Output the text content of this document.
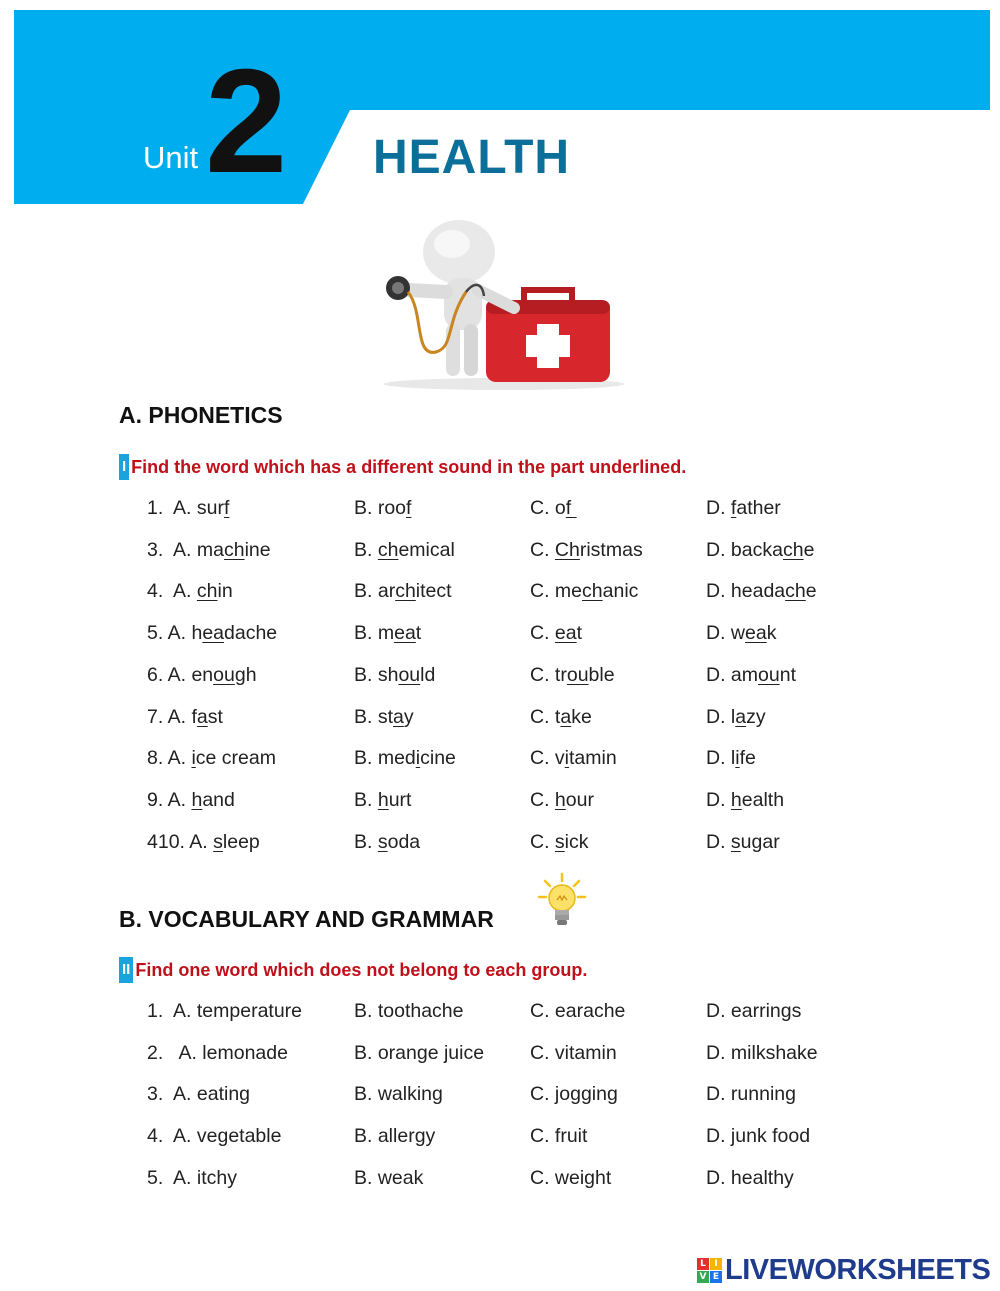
Unit 2 HEALTH
A. PHONETICS
I Find the word which has a different sound in the part underlined.
1.  A. surf	B. roof	C. of	D. father
3.  A. machine	B. chemical	C. Christmas	D. backache
4.  A. chin	B. architect	C. mechanic	D. headache
5. A. headache	B. meat	C. eat	D. weak
6. A. enough	B. should	C. trouble	D. amount
7. A. fast	B. stay	C. take	D. lazy
8. A. ice cream	B. medicine	C. vitamin	D. life
9. A. hand	B. hurt	C. hour	D. health
410. A. sleep	B. soda	C. sick	D. sugar
B. VOCABULARY AND GRAMMAR
II Find one word which does not belong to each group.
1.  A. temperature	B. toothache	C. earache	D. earrings
2.   A. lemonade	B. orange juice C. vitamin	D. milkshake
3.  A. eating	B. walking	C. jogging	D. running
4.  A. vegetable	B. allergy	C. fruit	D. junk food
5.  A. itchy	B. weak	C. weight	D. healthy
L I
V E LIVEWORKSHEETS
